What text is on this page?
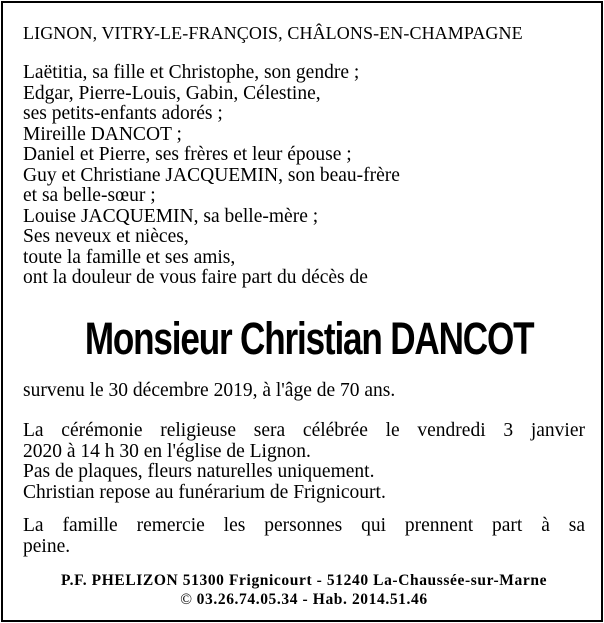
LIGNON, VITRY-LE-FRANÇOIS, CHÂLONS-EN-CHAMPAGNE
Laëtitia, sa fille et Christophe, son gendre ;
Edgar, Pierre-Louis, Gabin, Célestine,
ses petits-enfants adorés ;
Mireille DANCOT ;
Daniel et Pierre, ses frères et leur épouse ;
Guy et Christiane JACQUEMIN, son beau-frère
et sa belle-sœur ;
Louise JACQUEMIN, sa belle-mère ;
Ses neveux et nièces,
toute la famille et ses amis,
ont la douleur de vous faire part du décès de
Monsieur Christian DANCOT
survenu le 30 décembre 2019, à l'âge de 70 ans.
La cérémonie religieuse sera célébrée le vendredi 3 janvier
2020 à 14 h 30 en l'église de Lignon.
Pas de plaques, fleurs naturelles uniquement.
Christian repose au funérarium de Frignicourt.
La famille remercie les personnes qui prennent part à sa
peine.
P.F. PHELIZON 51300 Frignicourt - 51240 La-Chaussée-sur-Marne
© 03.26.74.05.34 - Hab. 2014.51.46
